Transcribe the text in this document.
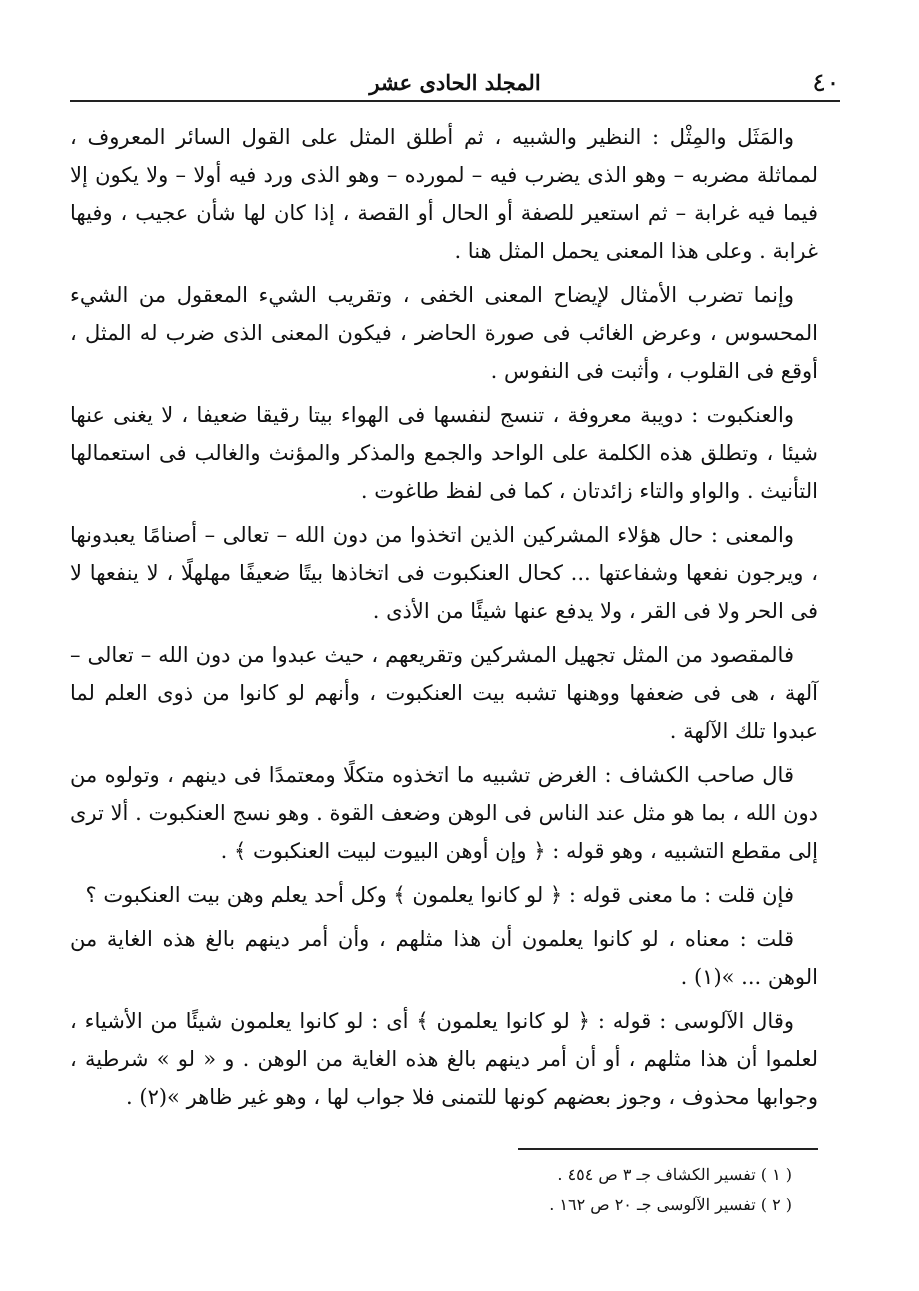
٤٠
المجلد الحادى عشر

والمَثَل والمِثْل : النظير والشبيه ، ثم أطلق المثل على القول السائر المعروف ، لمماثلة مضربه – وهو الذى يضرب فيه – لمورده – وهو الذى ورد فيه أولا – ولا يكون إلا فيما فيه غرابة – ثم استعير للصفة أو الحال أو القصة ، إذا كان لها شأن عجيب ، وفيها غرابة . وعلى هذا المعنى يحمل المثل هنا .

وإنما تضرب الأمثال لإيضاح المعنى الخفى ، وتقريب الشيء المعقول من الشيء المحسوس ، وعرض الغائب فى صورة الحاضر ، فيكون المعنى الذى ضرب له المثل ، أوقع فى القلوب ، وأثبت فى النفوس .

والعنكبوت : دويبة معروفة ، تنسج لنفسها فى الهواء بيتا رقيقا ضعيفا ، لا يغنى عنها شيئا ، وتطلق هذه الكلمة على الواحد والجمع والمذكر والمؤنث والغالب فى استعمالها التأنيث . والواو والتاء زائدتان ، كما فى لفظ طاغوت .

والمعنى : حال هؤلاء المشركين الذين اتخذوا من دون الله – تعالى – أصنامًا يعبدونها ، ويرجون نفعها وشفاعتها ... كحال العنكبوت فى اتخاذها بيتًا ضعيفًا مهلهلًا ، لا ينفعها لا فى الحر ولا فى القر ، ولا يدفع عنها شيئًا من الأذى .

فالمقصود من المثل تجهيل المشركين وتقريعهم ، حيث عبدوا من دون الله – تعالى – آلهة ، هى فى ضعفها ووهنها تشبه بيت العنكبوت ، وأنهم لو كانوا من ذوى العلم لما عبدوا تلك الآلهة .

قال صاحب الكشاف : الغرض تشبيه ما اتخذوه متكلًا ومعتمدًا فى دينهم ، وتولوه من دون الله ، بما هو مثل عند الناس فى الوهن وضعف القوة . وهو نسج العنكبوت . ألا ترى إلى مقطع التشبيه ، وهو قوله : ﴿ وإن أوهن البيوت لبيت العنكبوت ﴾ .

فإن قلت : ما معنى قوله : ﴿ لو كانوا يعلمون ﴾ وكل أحد يعلم وهن بيت العنكبوت ؟

قلت : معناه ، لو كانوا يعلمون أن هذا مثلهم ، وأن أمر دينهم بالغ هذه الغاية من الوهن ... »(١) .

وقال الآلوسى : قوله : ﴿ لو كانوا يعلمون ﴾ أى : لو كانوا يعلمون شيئًا من الأشياء ، لعلموا أن هذا مثلهم ، أو أن أمر دينهم بالغ هذه الغاية من الوهن . و « لو » شرطية ، وجوابها محذوف ، وجوز بعضهم كونها للتمنى فلا جواب لها ، وهو غير ظاهر »(٢) .

( ١ ) تفسير الكشاف جـ ٣ ص ٤٥٤ .

( ٢ ) تفسير الآلوسى جـ ٢٠ ص ١٦٢ .
